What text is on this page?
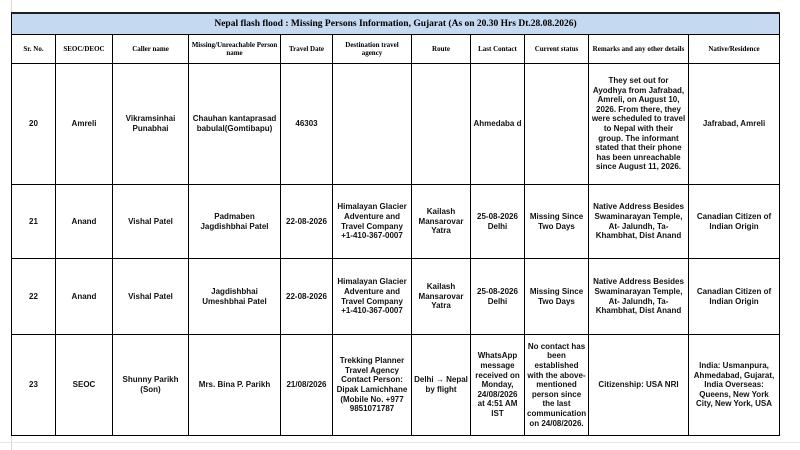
Nepal flash flood : Missing Persons Information, Gujarat (As on 20.30 Hrs Dt.28.08.2026)										
Sr. No.	SEOC/DEOC	Caller name	Missing/Unreachable Person name	Travel Date	Destination travel agency	Route	Last Contact	Current status	Remarks and any other details	Native/Residence
20	Amreli	Vikramsinhai Punabhai	Chauhan kantaprasad babulal(Gomtibapu)	46303			Ahmedaba d		They set out for Ayodhya from Jafrabad, Amreli, on August 10, 2026. From there, they were scheduled to travel to Nepal with their group. The informant stated that their phone has been unreachable since August 11, 2026.	Jafrabad, Amreli
21	Anand	Vishal Patel	Padmaben Jagdishbhai Patel	22-08-2026	Himalayan Glacier Adventure and Travel Company +1-410-367-0007	Kailash Mansarovar Yatra	25-08-2026 Delhi	Missing Since Two Days	Native Address Besides Swaminarayan Temple, At- Jalundh, Ta- Khambhat, Dist Anand	Canadian Citizen of Indian Origin
22	Anand	Vishal Patel	Jagdishbhai Umeshbhai Patel	22-08-2026	Himalayan Glacier Adventure and Travel Company +1-410-367-0007	Kailash Mansarovar Yatra	25-08-2026 Delhi	Missing Since Two Days	Native Address Besides Swaminarayan Temple, At- Jalundh, Ta- Khambhat, Dist Anand	Canadian Citizen of Indian Origin
23	SEOC	Shunny Parikh (Son)	Mrs. Bina P. Parikh	21/08/2026	Trekking Planner Travel Agency Contact Person: Dipak Lamichhane (Mobile No. +977 9851071787	Delhi → Nepal by flight	WhatsApp message received on Monday, 24/08/2026 at 4:51 AM IST	No contact has been established with the above-mentioned person since the last communication on 24/08/2026.	Citizenship: USA NRI	India: Usmanpura, Ahmedabad, Gujarat, India Overseas: Queens, New York City, New York, USA
